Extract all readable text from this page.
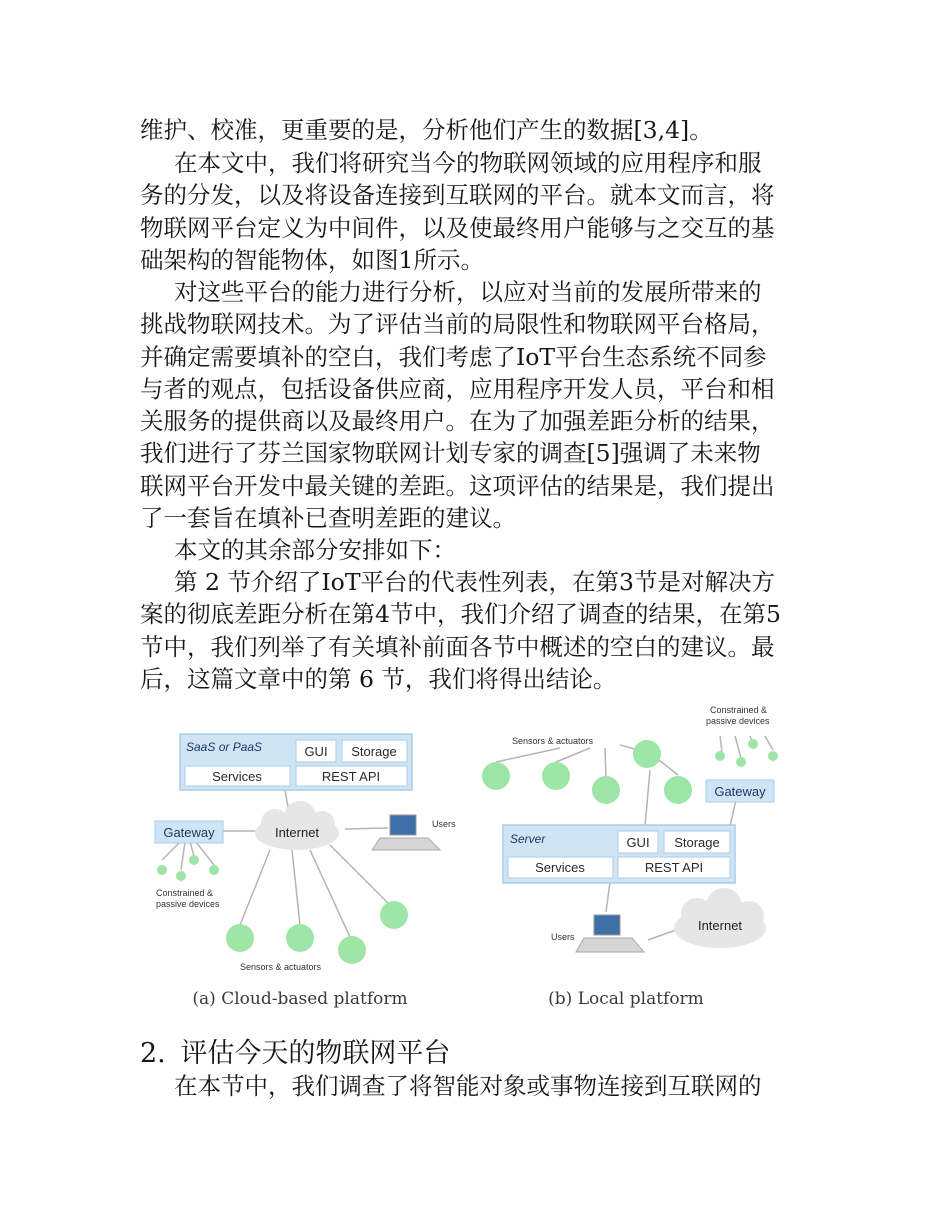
维护、校准，更重要的是，分析他们产生的数据[3,4]。
在本文中，我们将研究当今的物联网领域的应用程序和服
务的分发，以及将设备连接到互联网的平台。就本文而言，将
物联网平台定义为中间件，以及使最终用户能够与之交互的基
础架构的智能物体，如图1所示。
对这些平台的能力进行分析，以应对当前的发展所带来的
挑战物联网技术。为了评估当前的局限性和物联网平台格局，
并确定需要填补的空白，我们考虑了IoT平台生态系统不同参
与者的观点，包括设备供应商，应用程序开发人员，平台和相
关服务的提供商以及最终用户。在为了加强差距分析的结果，
我们进行了芬兰国家物联网计划专家的调查[5]强调了未来物
联网平台开发中最关键的差距。这项评估的结果是，我们提出
了一套旨在填补已查明差距的建议。
本文的其余部分安排如下：
第 2 节介绍了IoT平台的代表性列表，在第3节是对解决方
案的彻底差距分析在第4节中，我们介绍了调查的结果，在第5
节中，我们列举了有关填补前面各节中概述的空白的建议。最
后，这篇文章中的第 6 节，我们将得出结论。
SaaS or PaaS	GUI Storage
Services	REST API
Gateway	Internet
Users
Constrained &
passive devices
Sensors & actuators
(a) Cloud-based platform
Constrained &
passive devices
Gateway
Sensors & actuators
Server	GUI Storage
Services	REST API
Users
Internet
(b) Local platform
2. 评估今天的物联网平台
在本节中，我们调查了将智能对象或事物连接到互联网的
